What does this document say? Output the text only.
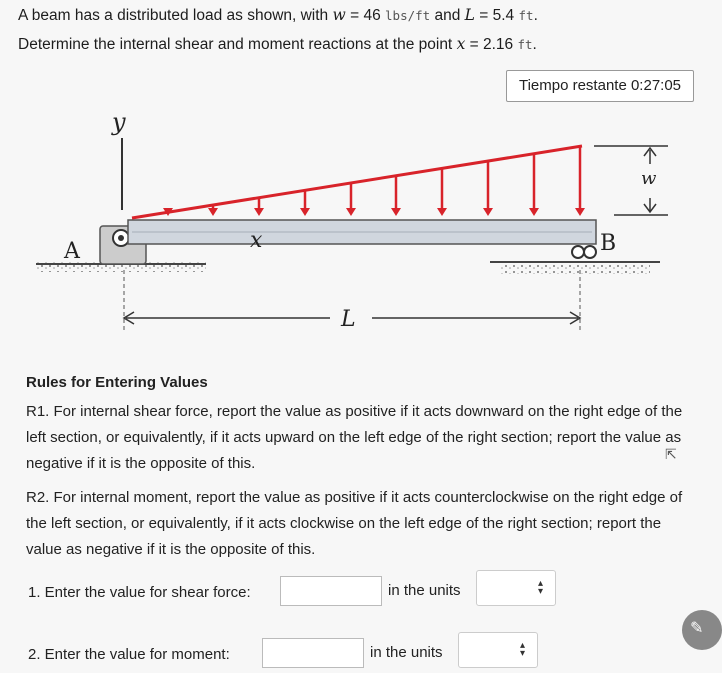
A beam has a distributed load as shown, with w = 46 lbs/ft and L = 5.4 ft.
Determine the internal shear and moment reactions at the point x = 2.16 ft.
Tiempo restante 0:27:05
y
A	x
w
B
L
Rules for Entering Values
R1. For internal shear force, report the value as positive if it acts downward on the right edge of the left section, or equivalently, if it acts upward on the left edge of the right section; report the value as negative if it is the opposite of this.
R2. For internal moment, report the value as positive if it acts counterclockwise on the right edge of the left section, or equivalently, if it acts clockwise on the left edge of the right section; report the value as negative if it is the opposite of this.
1. Enter the value for shear force:	in the units	▴
▾
2. Enter the value for moment:	in the units	▴
▾
⇱
✎
